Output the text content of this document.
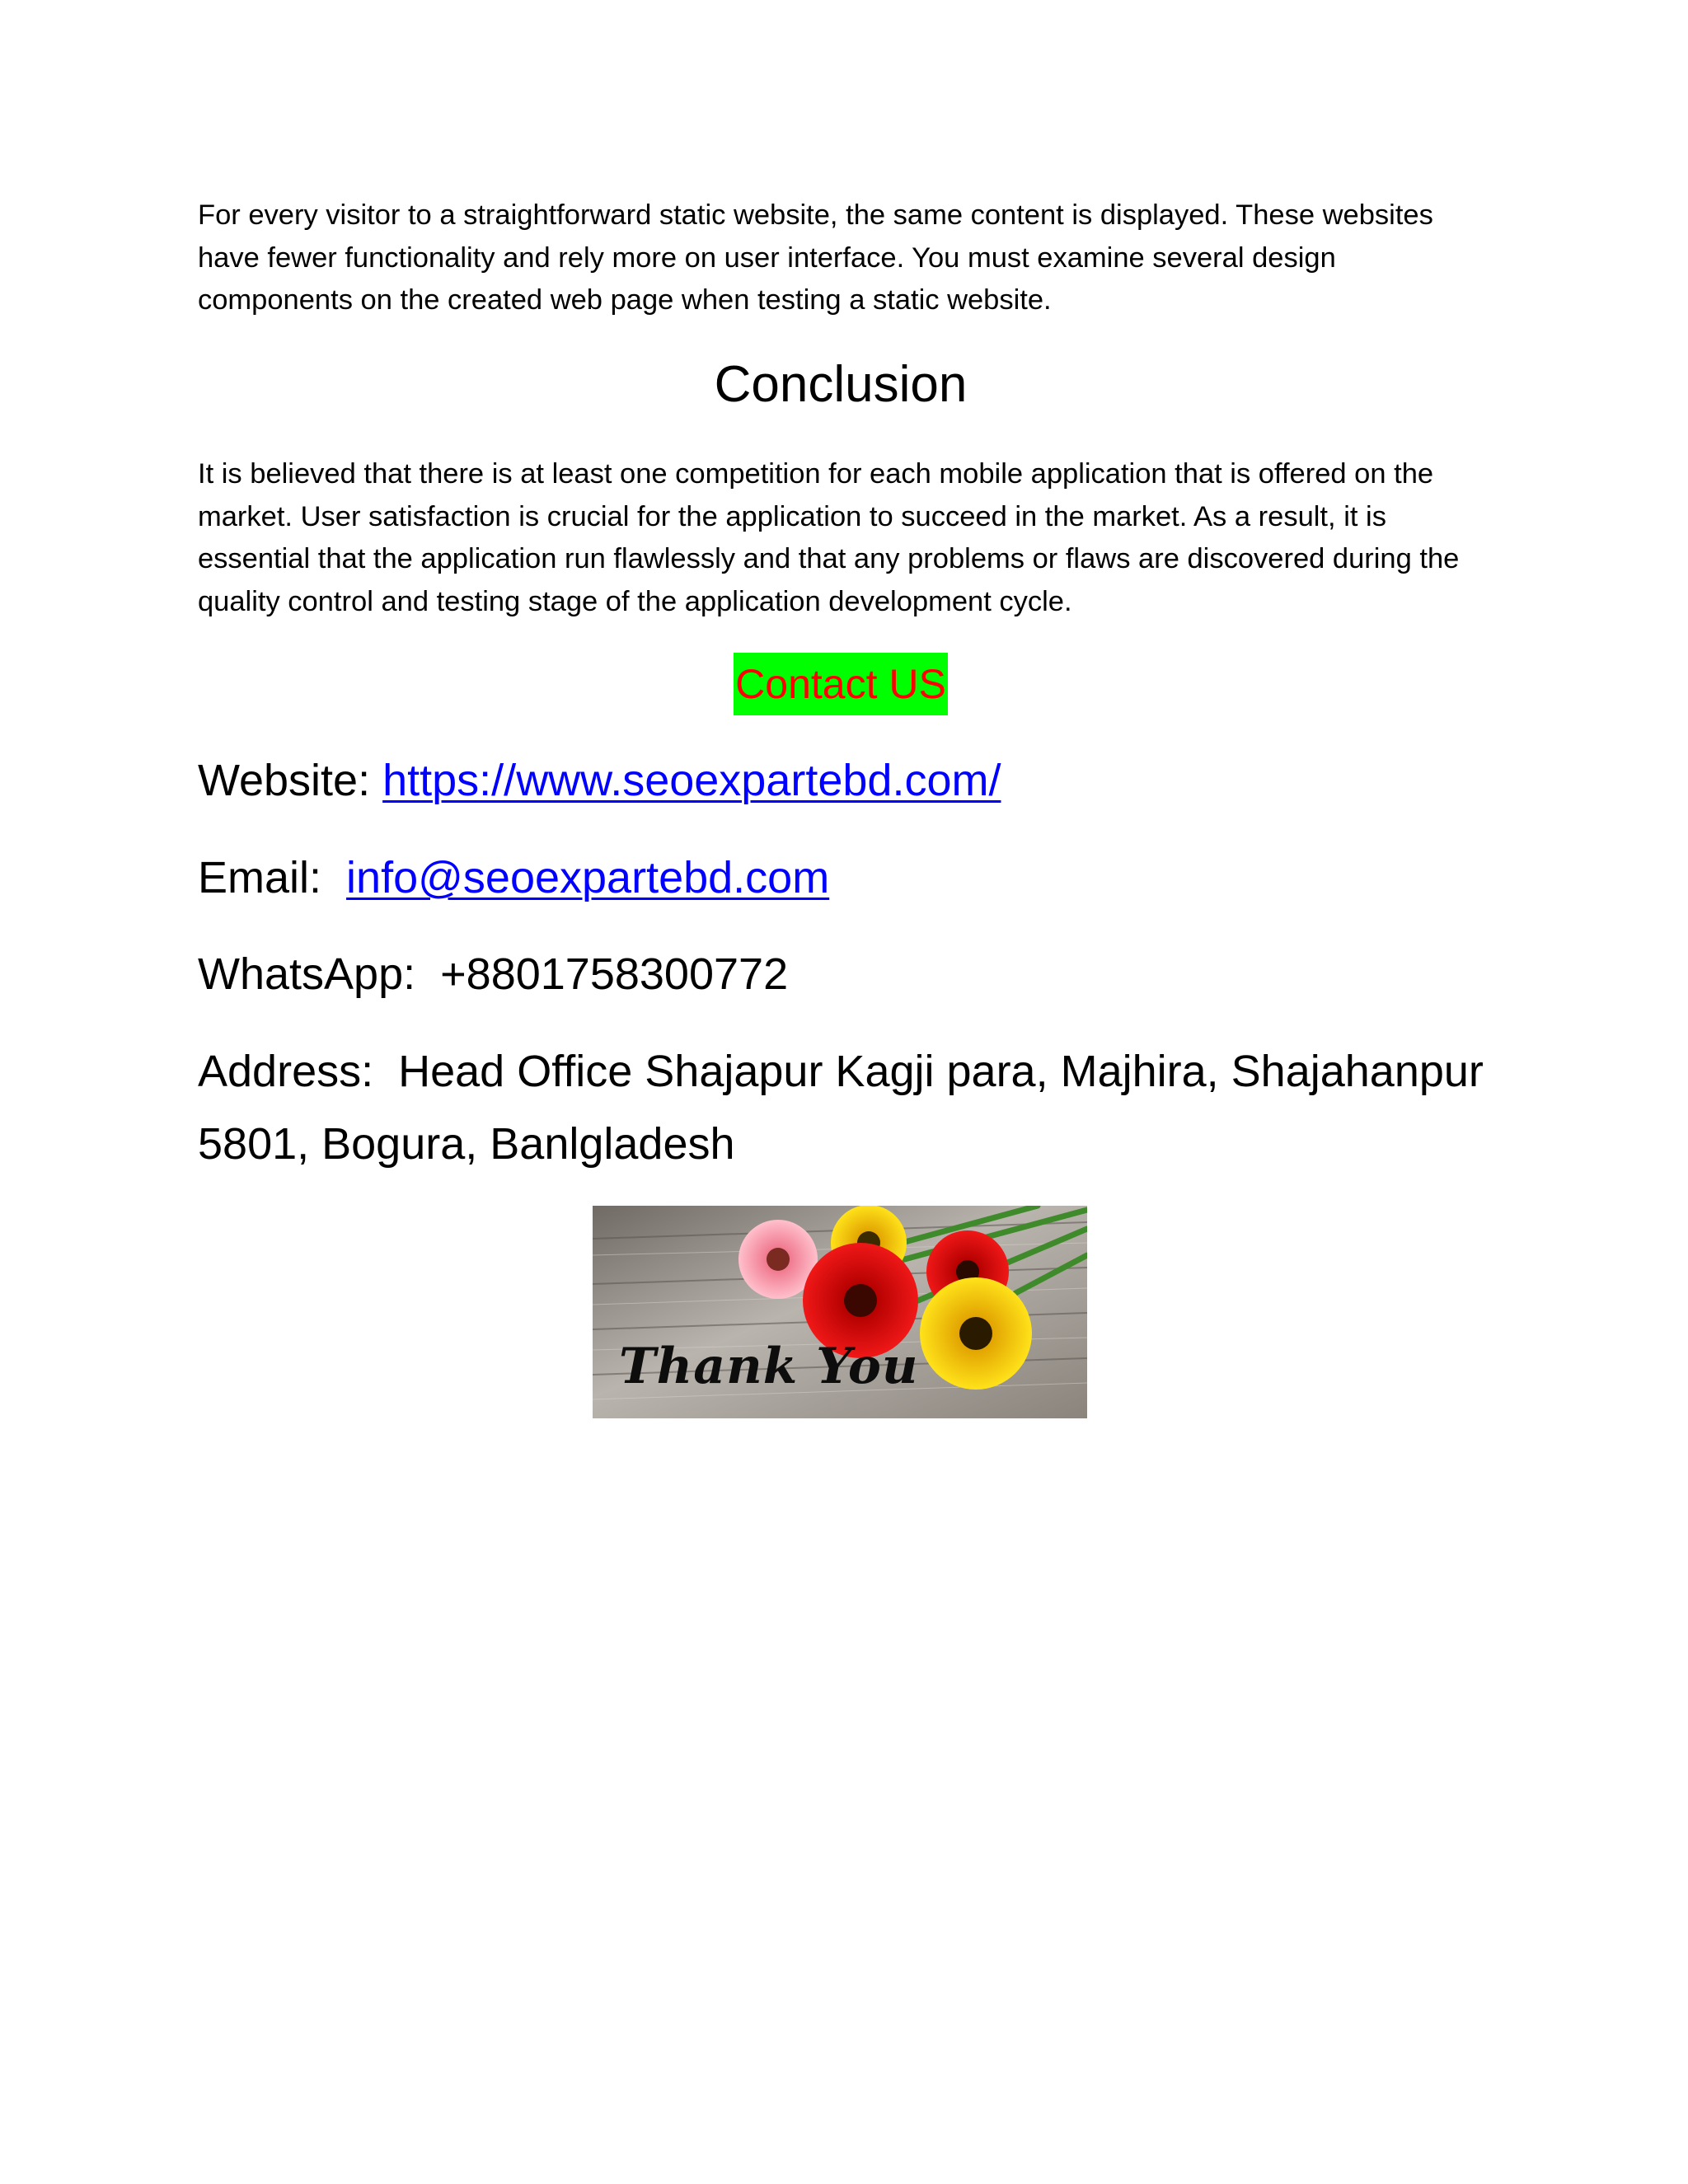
For every visitor to a straightforward static website, the same content is displayed. These websites have fewer functionality and rely more on user interface. You must examine several design components on the created web page when testing a static website.

Conclusion

It is believed that there is at least one competition for each mobile application that is offered on the market. User satisfaction is crucial for the application to succeed in the market. As a result, it is essential that the application run flawlessly and that any problems or flaws are discovered during the quality control and testing stage of the application development cycle.

Contact US

Website: https://www.seoexpartebd.com/

Email:  info@seoexpartebd.com

WhatsApp:  +8801758300772

Address:  Head Office Shajapur Kagji para, Majhira, Shajahanpur 5801, Bogura, Banlgladesh

Thank You
